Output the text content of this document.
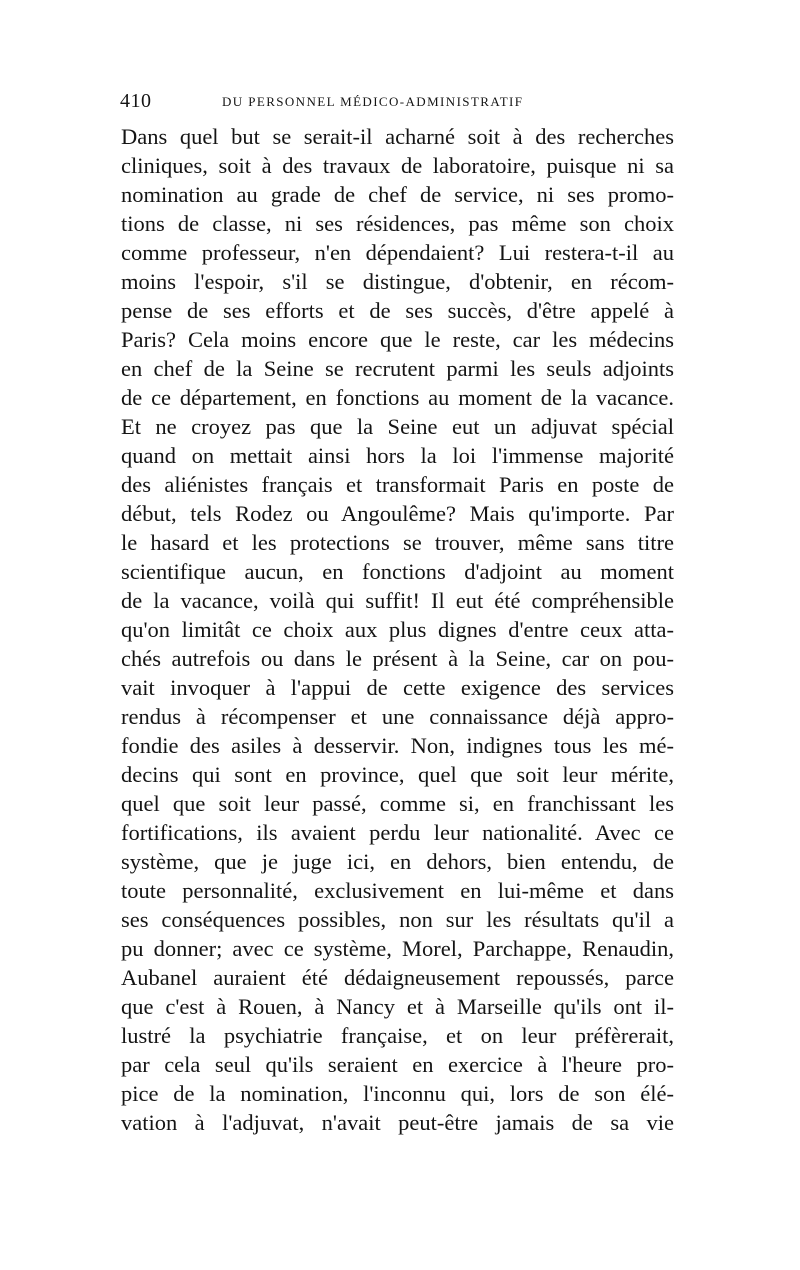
410	DU PERSONNEL MÉDICO-ADMINISTRATIF
Dans quel but se serait-il acharné soit à des recherches
cliniques, soit à des travaux de laboratoire, puisque ni sa
nomination au grade de chef de service, ni ses promo-
tions de classe, ni ses résidences, pas même son choix
comme professeur, n'en dépendaient? Lui restera-t-il au
moins l'espoir, s'il se distingue, d'obtenir, en récom-
pense de ses efforts et de ses succès, d'être appelé à
Paris? Cela moins encore que le reste, car les médecins
en chef de la Seine se recrutent parmi les seuls adjoints
de ce département, en fonctions au moment de la vacance.
Et ne croyez pas que la Seine eut un adjuvat spécial
quand on mettait ainsi hors la loi l'immense majorité
des aliénistes français et transformait Paris en poste de
début, tels Rodez ou Angoulême? Mais qu'importe. Par
le hasard et les protections se trouver, même sans titre
scientifique aucun, en fonctions d'adjoint au moment
de la vacance, voilà qui suffit! Il eut été compréhensible
qu'on limitât ce choix aux plus dignes d'entre ceux atta-
chés autrefois ou dans le présent à la Seine, car on pou-
vait invoquer à l'appui de cette exigence des services
rendus à récompenser et une connaissance déjà appro-
fondie des asiles à desservir. Non, indignes tous les mé-
decins qui sont en province, quel que soit leur mérite,
quel que soit leur passé, comme si, en franchissant les
fortifications, ils avaient perdu leur nationalité. Avec ce
système, que je juge ici, en dehors, bien entendu, de
toute personnalité, exclusivement en lui-même et dans
ses conséquences possibles, non sur les résultats qu'il a
pu donner; avec ce système, Morel, Parchappe, Renaudin,
Aubanel auraient été dédaigneusement repoussés, parce
que c'est à Rouen, à Nancy et à Marseille qu'ils ont il-
lustré la psychiatrie française, et on leur préfèrerait,
par cela seul qu'ils seraient en exercice à l'heure pro-
pice de la nomination, l'inconnu qui, lors de son élé-
vation à l'adjuvat, n'avait peut-être jamais de sa vie
